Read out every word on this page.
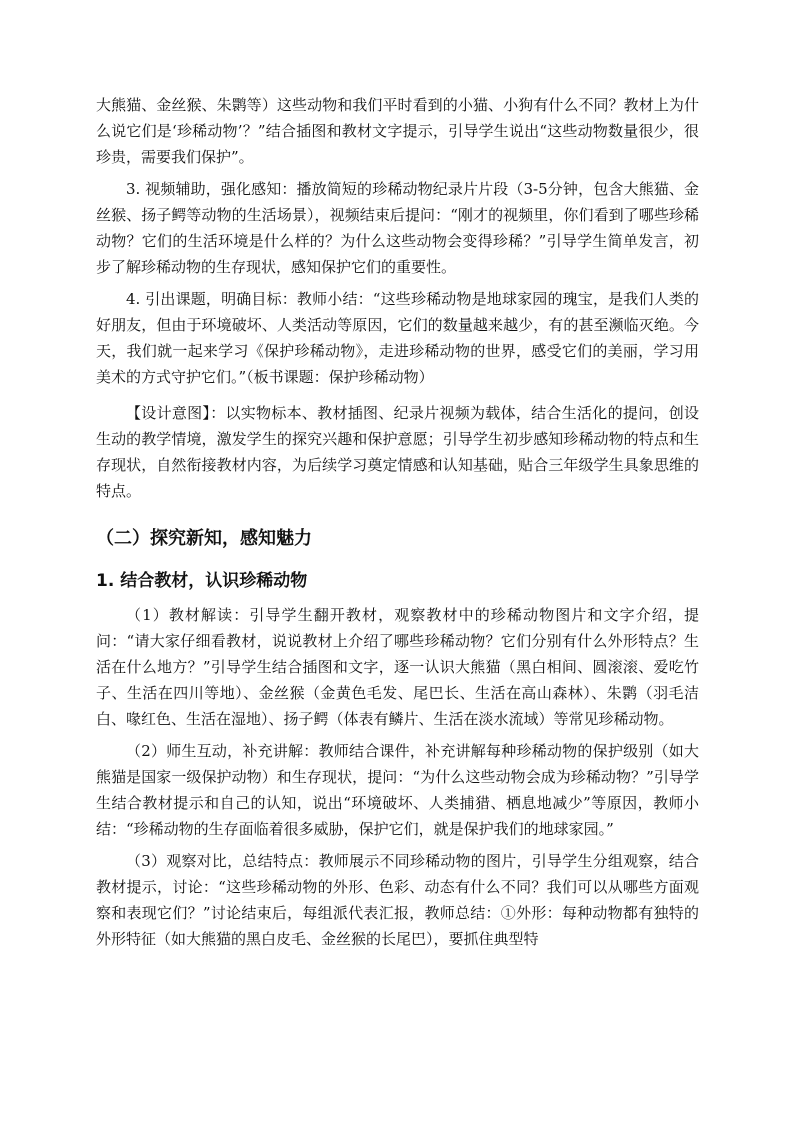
大熊猫、金丝猴、朱鹮等）这些动物和我们平时看到的小猫、小狗有什么不同？教材上为什么说它们是‘珍稀动物’？”结合插图和教材文字提示，引导学生说出“这些动物数量很少，很珍贵，需要我们保护”。

3. 视频辅助，强化感知：播放简短的珍稀动物纪录片片段（3-5分钟，包含大熊猫、金丝猴、扬子鳄等动物的生活场景），视频结束后提问：“刚才的视频里，你们看到了哪些珍稀动物？它们的生活环境是什么样的？为什么这些动物会变得珍稀？”引导学生简单发言，初步了解珍稀动物的生存现状，感知保护它们的重要性。

4. 引出课题，明确目标：教师小结：“这些珍稀动物是地球家园的瑰宝，是我们人类的好朋友，但由于环境破坏、人类活动等原因，它们的数量越来越少，有的甚至濒临灭绝。今天，我们就一起来学习《保护珍稀动物》，走进珍稀动物的世界，感受它们的美丽，学习用美术的方式守护它们。”（板书课题：保护珍稀动物）

【设计意图】：以实物标本、教材插图、纪录片视频为载体，结合生活化的提问，创设生动的教学情境，激发学生的探究兴趣和保护意愿；引导学生初步感知珍稀动物的特点和生存现状，自然衔接教材内容，为后续学习奠定情感和认知基础，贴合三年级学生具象思维的特点。

（二）探究新知，感知魅力
1. 结合教材，认识珍稀动物

（1）教材解读：引导学生翻开教材，观察教材中的珍稀动物图片和文字介绍，提问：“请大家仔细看教材，说说教材上介绍了哪些珍稀动物？它们分别有什么外形特点？生活在什么地方？”引导学生结合插图和文字，逐一认识大熊猫（黑白相间、圆滚滚、爱吃竹子、生活在四川等地）、金丝猴（金黄色毛发、尾巴长、生活在高山森林）、朱鹮（羽毛洁白、喙红色、生活在湿地）、扬子鳄（体表有鳞片、生活在淡水流域）等常见珍稀动物。

（2）师生互动，补充讲解：教师结合课件，补充讲解每种珍稀动物的保护级别（如大熊猫是国家一级保护动物）和生存现状，提问：“为什么这些动物会成为珍稀动物？”引导学生结合教材提示和自己的认知，说出“环境破坏、人类捕猎、栖息地减少”等原因，教师小结：“珍稀动物的生存面临着很多威胁，保护它们，就是保护我们的地球家园。”

（3）观察对比，总结特点：教师展示不同珍稀动物的图片，引导学生分组观察，结合教材提示，讨论：“这些珍稀动物的外形、色彩、动态有什么不同？我们可以从哪些方面观察和表现它们？”讨论结束后，每组派代表汇报，教师总结：①外形：每种动物都有独特的外形特征（如大熊猫的黑白皮毛、金丝猴的长尾巴），要抓住典型特
